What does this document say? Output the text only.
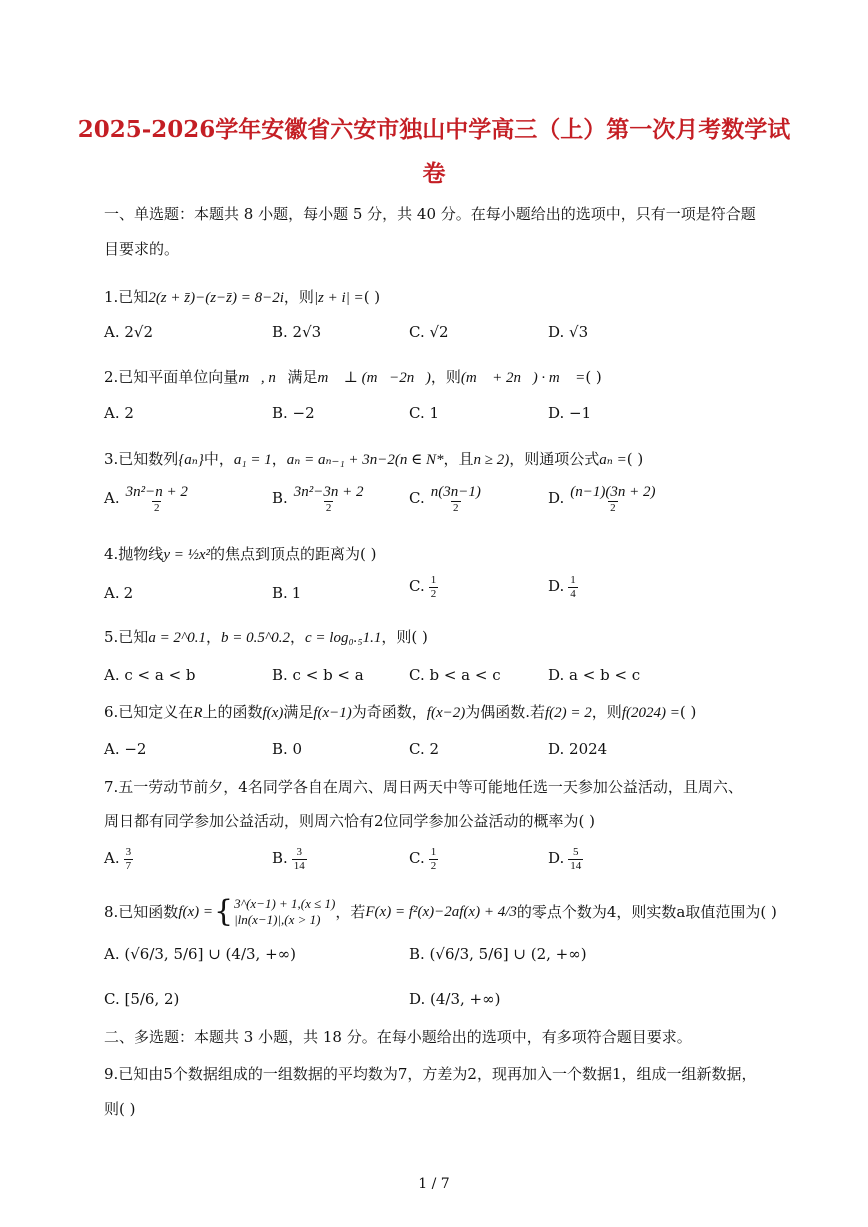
2025-2026学年安徽省六安市独山中学高三（上）第一次月考数学试
卷
一、单选题：本题共 8 小题，每小题 5 分，共 40 分。在每小题给出的选项中，只有一项是符合题
目要求的。
1.已知2(z + z̄)−(z−z̄) = 8−2i，则|z + i| =( )
A. 2√2	B. 2√3	C. √2	D. √3
2.已知平面单位向量m⃗, n⃗满足m⃗ ⊥ (m⃗−2n⃗)，则(m⃗ + 2n⃗) · m⃗ =( )
A. 2	B. −2	C. 1	D. −1
3.已知数列{aₙ}中，a₁ = 1，aₙ = aₙ₋₁ + 3n−2(n ∈ N*，且n ≥ 2)，则通项公式aₙ =( )
A. $\frac{\text{3n²−n + 2}}{2}$	B. $\frac{\text{3n²−3n + 2}}{2}$	C. $\frac{n(3n-1)}{2}$	D. $\frac{(n-1)(3n + 2)}{2}$
4.抛物线y = ½x²的焦点到顶点的距离为( )
A. 2	B. 1	C. $\frac{1}{2}$	D. $\frac{1}{4}$
5.已知a = 2^0.1，b = 0.5^0.2，c = log₀.₅1.1，则( )
A. c < a < b	B. c < b < a	C. b < a < c	D. a < b < c
6.已知定义在R上的函数f(x)满足f(x−1)为奇函数，f(x−2)为偶函数.若f(2) = 2，则f(2024) =( )
A. −2	B. 0	C. 2	D. 2024
7.五一劳动节前夕，4名同学各自在周六、周日两天中等可能地任选一天参加公益活动，且周六、
周日都有同学参加公益活动，则周六恰有2位同学参加公益活动的概率为( )
A. $\frac{3}{7}$	B. $\frac{3}{14}$	C. $\frac{1}{2}$	D. $\frac{5}{14}$
8.已知函数 f(x) = { 3^(x−1) + 1,(x ≤ 1)
|ln(x−1)|,(x > 1) ，若 F(x) = f²(x)−2af(x) + 4/3 的零点个数为4，则实数a取值范围为( )
A. (√6/3, 5/6] ∪ (4/3, +∞)	B. (√6/3, 5/6] ∪ (2, +∞)
C. [5/6, 2)	D. (4/3, +∞)
二、多选题：本题共 3 小题，共 18 分。在每小题给出的选项中，有多项符合题目要求。
9.已知由5个数据组成的一组数据的平均数为7，方差为2，现再加入一个数据1，组成一组新数据，
则( )
1 / 7
